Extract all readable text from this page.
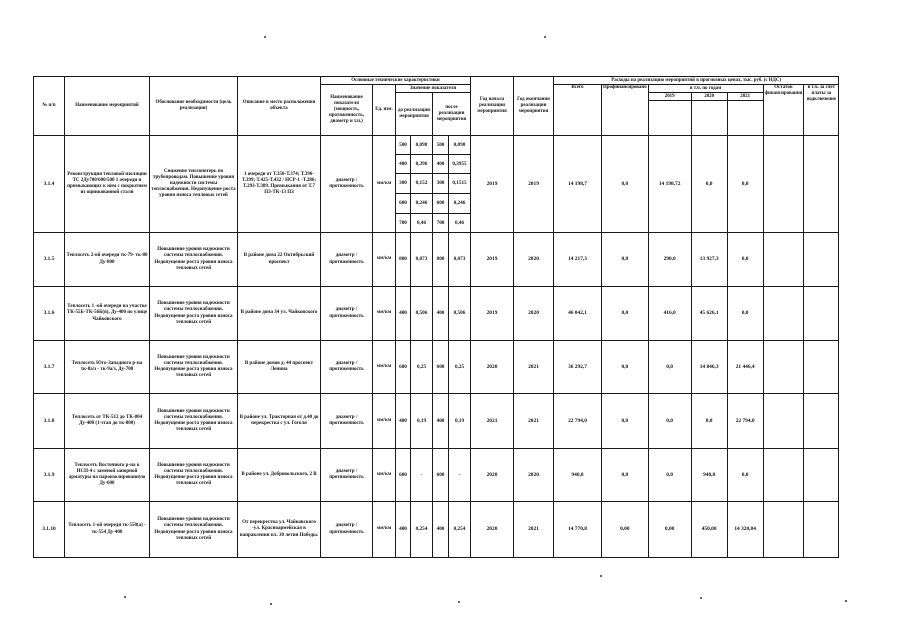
№ п/п	Наименование мероприятий	Обоснование необходимости (цель реализации)	Описание и место расположения объекта	Основные технические характеристики						Год начала реализации мероприятия	Год окончания реализации мероприятия	Расходы на реализацию мероприятий в прогнозных ценах, тыс. руб. (с НДС)						
				Наименование показателя (мощность, протяженность, диаметр и т.п.)	Ед. изм.	Значение показателя						Всего	Профинансировано	в т.ч. по годам			Остаток финансирования	в т.ч. за счет платы за подключение
						до реализации мероприятия		после реализации мероприятия						2019	2020	2021		

3.1.4	Реконструкция тепловой изоляции ТС 2Ду700/600/500 1 очереди и примыкающих к ним с покрытием из оцинкованной стали	Снижение теплопотерь по трубопроводам. Повышение уровня надежности системы теплоснабжения. Недопущение роста уровня износа тепловых сетей	1 очереди от Т.350-Т.374; Т.396-Т.399; Т.425-Т.432 / НСР-1 -Т.286; Т.293-Т.309. Примыкания от Т.7 ПЗ-ТК-13 ПЗ	диаметр / протяженность	мм/км	500	0,098	500	0,098	2019	2019	14 198,7	0,0	14 198,72	0,0	0,0		
						400	0,396	400	0,3955									
						300	0,152	300	0,1515									
						600	0,246	600	0,246									
						700	0,46	700	0,46									
3.1.5	Теплосеть 2-ой очереди тк-79- тк-80 Ду-800	Повышение уровня надежности системы теплоснабжения. Недопущение роста уровня износа тепловых сетей	В районе дома 22 Октябрьский проспект	диаметр / протяженность	мм/км	800	0,073	800	0,073	2019	2020	14 217,3	0,0	290,0	13 927,3	0,0		
3.1.6	Теплосеть 1 -ой очереди на участке ТК-55Б-ТК-56Б(в), Ду-400 по улице Чайковского	Повышение уровня надежности системы теплоснабжения. Недопущение роста уровня износа тепловых сетей	В районе дома 34 ул. Чайковского	диаметр / протяженность	мм/км	400	0,506	400	0,506	2019	2020	46 042,1	0,0	416,0	45 626,1	0,0		
3.1.7	Теплосеть Юго-Западного р-на тк-8а/з - тк-9а/з, Ду-700	Повышение уровня надежности системы теплоснабжения. Недопущение роста уровня износа тепловых сетей	В районе домов д. 44 проспект Ленина	диаметр / протяженность	мм/км	600	0,25	600	0,25	2020	2021	36 292,7	0,0	0,0	14 846,3	21 446,4		
3.1.8	Теплосеть от ТК-512 до ТК-804 Ду-400 (1-этап до тк-800)	Повышение уровня надежности системы теплоснабжения. Недопущение роста уровня износа тепловых сетей	В районе ул. Тракторная от д.40 до перекрестка с ул. Гоголя	диаметр / протяженность	мм/км	400	0,19	400	0,19	2021	2021	22 794,0	0,0	0,0	0,0	22 794,0		
3.1.9	Теплосеть Восточного р-на к НСП-4 с заменой запорной арматуры на пароизолированную Ду-600	Повышение уровня надежности системы теплоснабжения. Недопущение роста уровня износа тепловых сетей	В районе ул. Добровольского, 2 В	диаметр / протяженность	мм/км	600	-	600	-	2020	2020	940,8	0,0	0,0	940,8	0,0		
3.1.10	Теплосеть 1-ой очереди тк-550(а) - тк-554 Ду-400	Повышение уровня надежности системы теплоснабжения. Недопущение роста уровня износа тепловых сетей	От перекрестка ул. Чайковского -ул. Красноармейская в направлении пл. 30 летия Победы.	диаметр / протяженность	мм/км	400	0,254	400	0,254	2020	2021	14 770,8	0,00	0,00	450,00	14 320,84		
